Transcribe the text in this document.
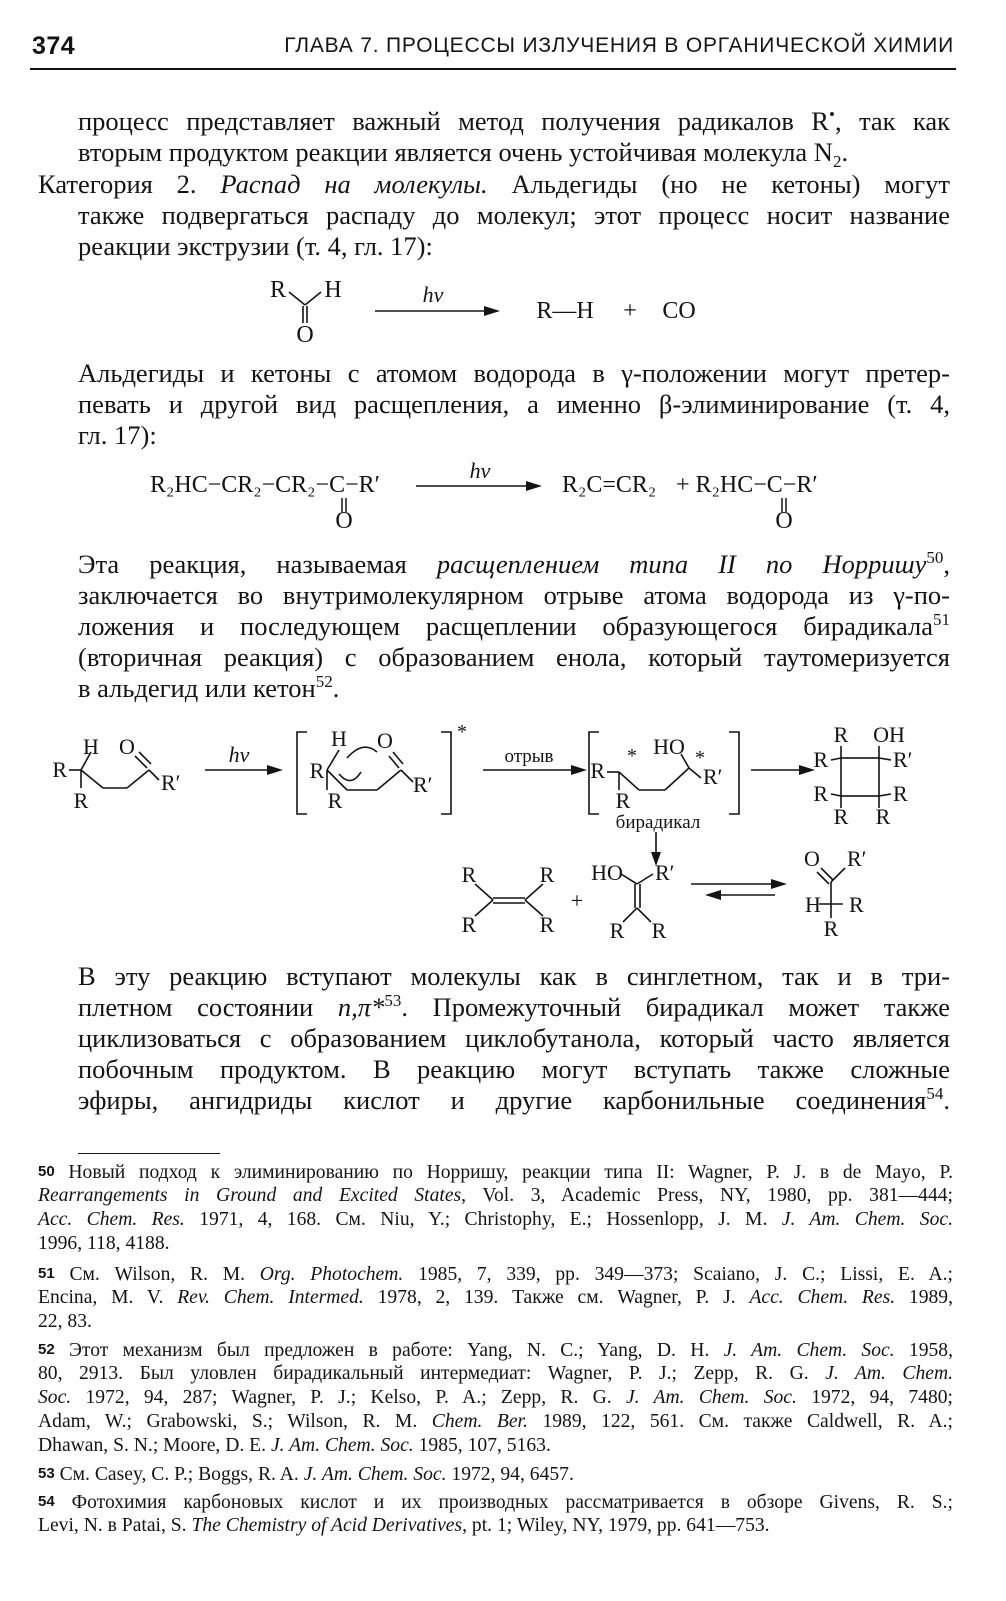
374	ГЛАВА 7. ПРОЦЕССЫ ИЗЛУЧЕНИЯ В ОРГАНИЧЕСКОЙ ХИМИИ

процесс представляет важный метод получения радикалов R•, так как

вторым продуктом реакции является очень устойчивая молекула $N_2$.

Категория 2. Распад на молекулы. Альдегиды (но не кетоны) могут

также подвергаться распаду до молекул; этот процесс носит название

реакции экструзии (т. 4, гл. 17):

R H
O
hν
R—H + CO

Альдегиды и кетоны с атомом водорода в γ-положении могут претер-

певать и другой вид расщепления, а именно β-элиминирование (т. 4,

гл. 17):

R₂HC−CR₂−CR₂−C−R′
O
hν
R₂C=CR₂ + R₂HC−C−R′
O

Эта реакция, называемая расщеплением типа II по Норришу$^{50}$,

заключается во внутримолекулярном отрыве атома водорода из γ-по-

ложения и последующем расщеплении образующегося бирадикала$^{51}$

(вторичная реакция) с образованием енола, который таутомеризуется

в альдегид или кетон$^{52}$.

H O
R
R
R′
hν
H O
R
R
R′
*
отрыв	* HO *
R
R
R′
бирадикал
R OH
R	R′
R	R
R R
R	R
R	R
+
HO R′
R R
O R′
H R
R

В эту реакцию вступают молекулы как в синглетном, так и в три-

плетном состоянии n,π*$^{53}$. Промежуточный бирадикал может также

циклизоваться с образованием циклобутанола, который часто является

побочным продуктом. В реакцию могут вступать также сложные

эфиры, ангидриды кислот и другие карбонильные соединения$^{54}$.

50 Новый подход к элиминированию по Норришу, реакции типа II: Wagner, P. J. в de Mayo, P.

Rearrangements in Ground and Excited States, Vol. 3, Academic Press, NY, 1980, pp. 381—444;

Acc. Chem. Res. 1971, 4, 168. См. Niu, Y.; Christophy, E.; Hossenlopp, J. M. J. Am. Chem. Soc.

1996, 118, 4188.

51 См. Wilson, R. M. Org. Photochem. 1985, 7, 339, pp. 349—373; Scaiano, J. C.; Lissi, E. A.;

Encina, M. V. Rev. Chem. Intermed. 1978, 2, 139. Также см. Wagner, P. J. Acc. Chem. Res. 1989,

22, 83.

52 Этот механизм был предложен в работе: Yang, N. C.; Yang, D. H. J. Am. Chem. Soc. 1958,

80, 2913. Был уловлен бирадикальный интермедиат: Wagner, P. J.; Zepp, R. G. J. Am. Chem.

Soc. 1972, 94, 287; Wagner, P. J.; Kelso, P. A.; Zepp, R. G. J. Am. Chem. Soc. 1972, 94, 7480;

Adam, W.; Grabowski, S.; Wilson, R. M. Chem. Ber. 1989, 122, 561. См. также Caldwell, R. A.;

Dhawan, S. N.; Moore, D. E. J. Am. Chem. Soc. 1985, 107, 5163.

53 См. Casey, C. P.; Boggs, R. A. J. Am. Chem. Soc. 1972, 94, 6457.

54 Фотохимия карбоновых кислот и их производных рассматривается в обзоре Givens, R. S.;

Levi, N. в Patai, S. The Chemistry of Acid Derivatives, pt. 1; Wiley, NY, 1979, pp. 641—753.
